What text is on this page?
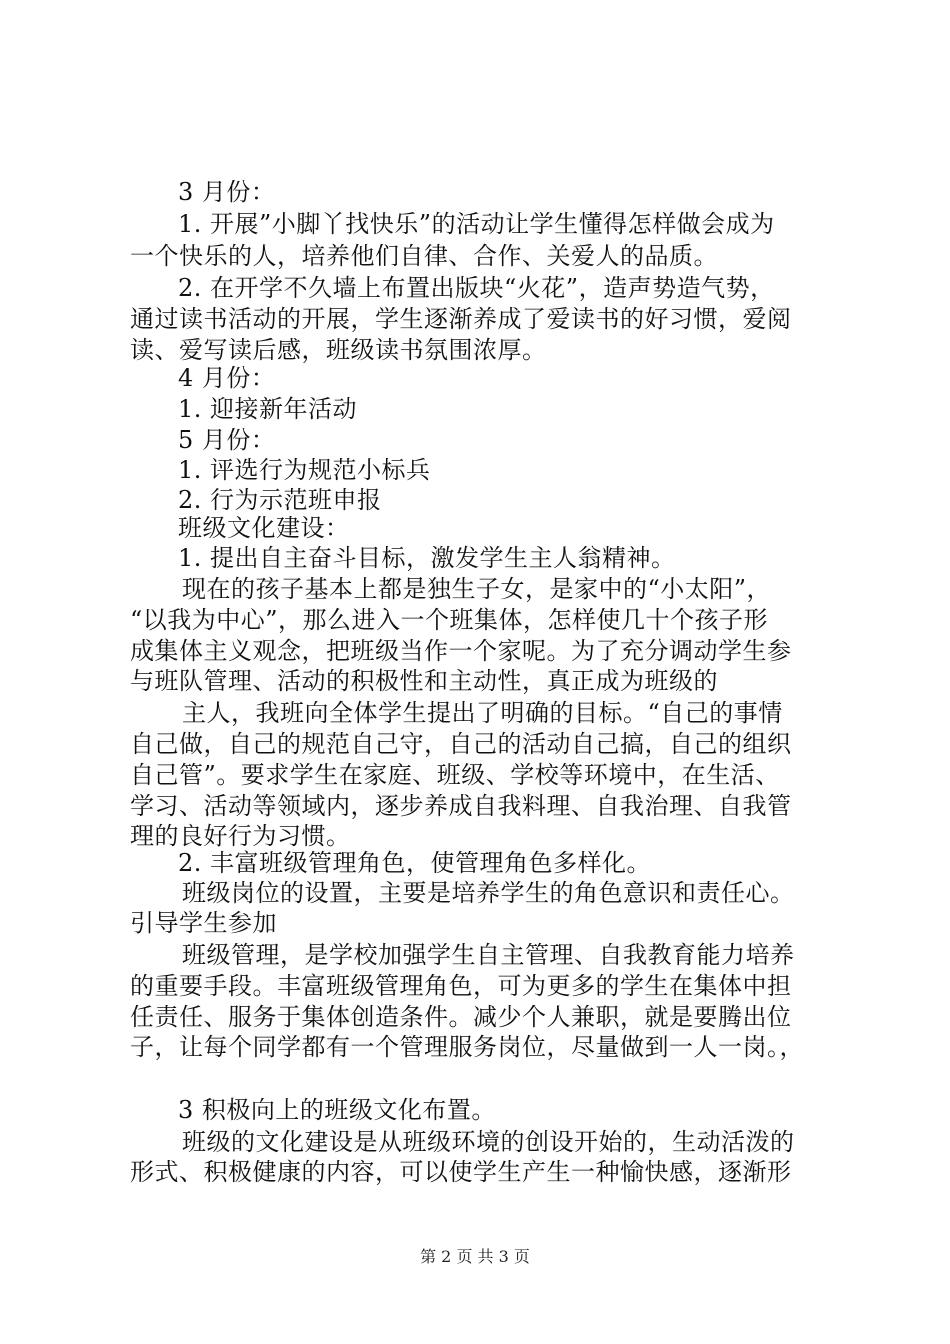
3 月份：
1. 开展”小脚丫找快乐”的活动让学生懂得怎样做会成为
一个快乐的人，培养他们自律、合作、关爱人的品质。
2. 在开学不久墙上布置出版块“火花”，造声势造气势，
通过读书活动的开展，学生逐渐养成了爱读书的好习惯，爱阅
读、爱写读后感，班级读书氛围浓厚。
4 月份：
1. 迎接新年活动
5 月份：
1. 评选行为规范小标兵
2. 行为示范班申报
班级文化建设：
1. 提出自主奋斗目标，激发学生主人翁精神。
现在的孩子基本上都是独生子女，是家中的“小太阳”，
“以我为中心”，那么进入一个班集体，怎样使几十个孩子形
成集体主义观念，把班级当作一个家呢。为了充分调动学生参
与班队管理、活动的积极性和主动性，真正成为班级的
主人，我班向全体学生提出了明确的目标。“自己的事情
自己做，自己的规范自己守，自己的活动自己搞，自己的组织
自己管”。要求学生在家庭、班级、学校等环境中，在生活、
学习、活动等领域内，逐步养成自我料理、自我治理、自我管
理的良好行为习惯。
2. 丰富班级管理角色，使管理角色多样化。
班级岗位的设置，主要是培养学生的角色意识和责任心。
引导学生参加
班级管理，是学校加强学生自主管理、自我教育能力培养
的重要手段。丰富班级管理角色，可为更多的学生在集体中担
任责任、服务于集体创造条件。减少个人兼职，就是要腾出位
子，让每个同学都有一个管理服务岗位，尽量做到一人一岗。，
3 积极向上的班级文化布置。
班级的文化建设是从班级环境的创设开始的，生动活泼的
形式、积极健康的内容，可以使学生产生一种愉快感，逐渐形
第 2 页 共 3 页
